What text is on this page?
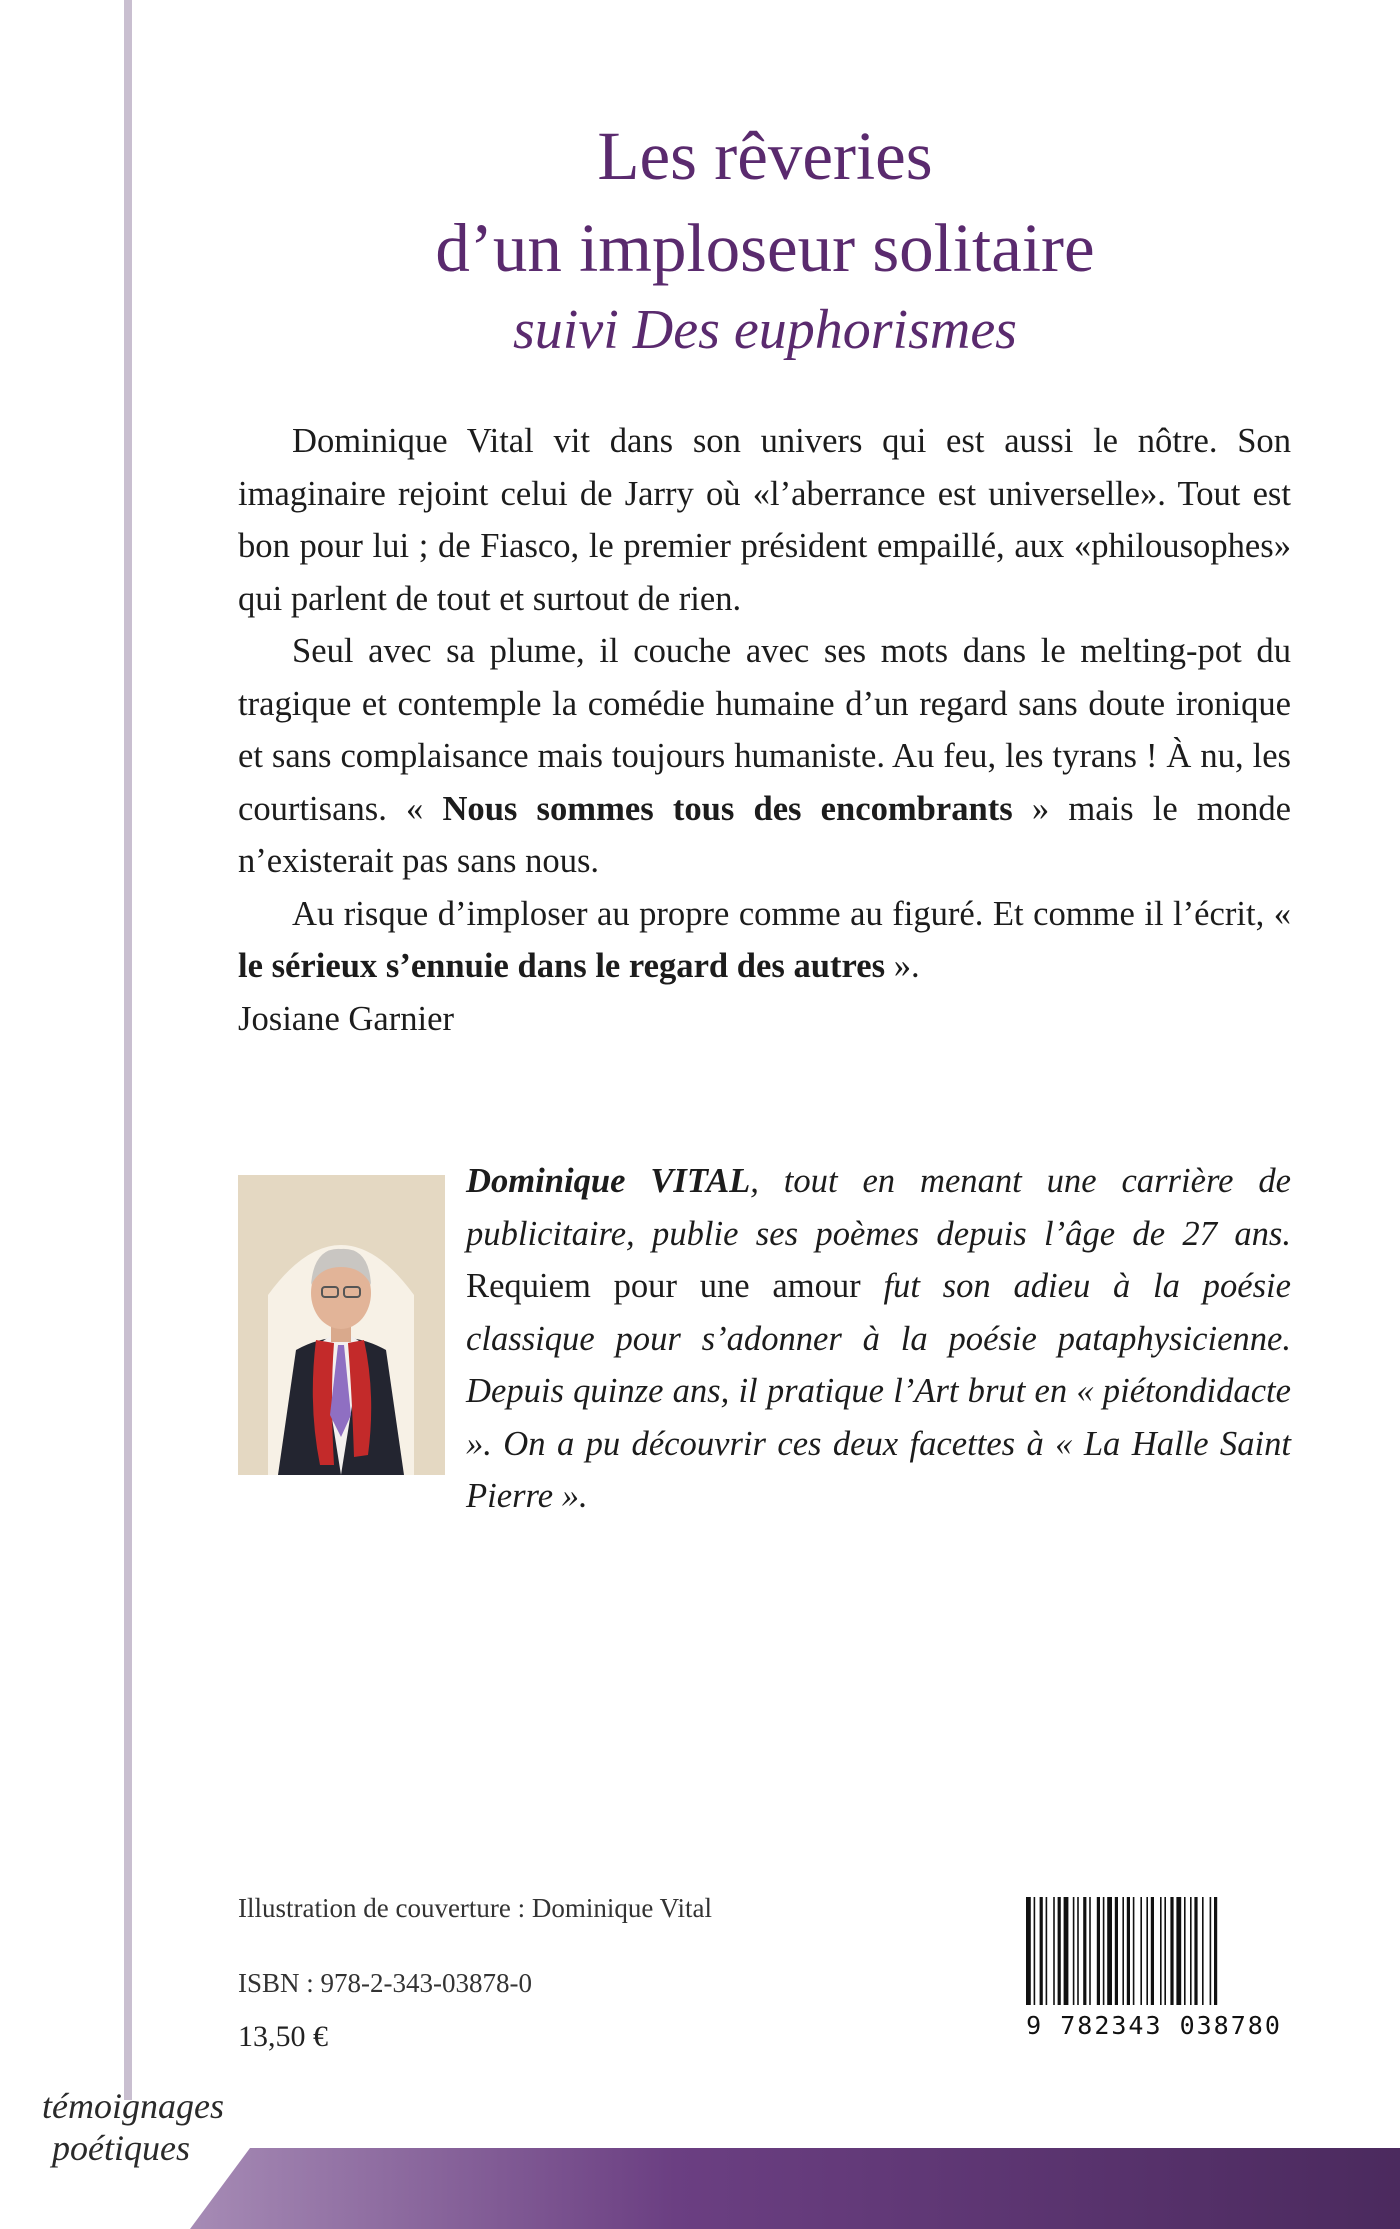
Les rêveries
d’un imploseur solitaire
suivi Des euphorismes

Dominique Vital vit dans son univers qui est aussi le nôtre. Son imaginaire rejoint celui de Jarry où «l’aberrance est universelle». Tout est bon pour lui ; de Fiasco, le premier président empaillé, aux «philousophes» qui parlent de tout et surtout de rien.

Seul avec sa plume, il couche avec ses mots dans le melting-pot du tragique et contemple la comédie humaine d’un regard sans doute ironique et sans complaisance mais toujours humaniste. Au feu, les tyrans ! À nu, les courtisans. « Nous sommes tous des encombrants » mais le monde n’existerait pas sans nous.

Au risque d’imploser au propre comme au figuré. Et comme il l’écrit, « le sérieux s’ennuie dans le regard des autres ».

Josiane Garnier

Dominique VITAL, tout en menant une carrière de publicitaire, publie ses poèmes depuis l’âge de 27 ans. Requiem pour une amour fut son adieu à la poésie classique pour s’adonner à la poésie pataphysicienne. Depuis quinze ans, il pratique l’Art brut en « piétondidacte ». On a pu découvrir ces deux facettes à « La Halle Saint Pierre ».

Illustration de couverture : Dominique Vital
ISBN : 978-2-343-03878-0
13,50 €	9 782343 038780
témoignages
poétiques
